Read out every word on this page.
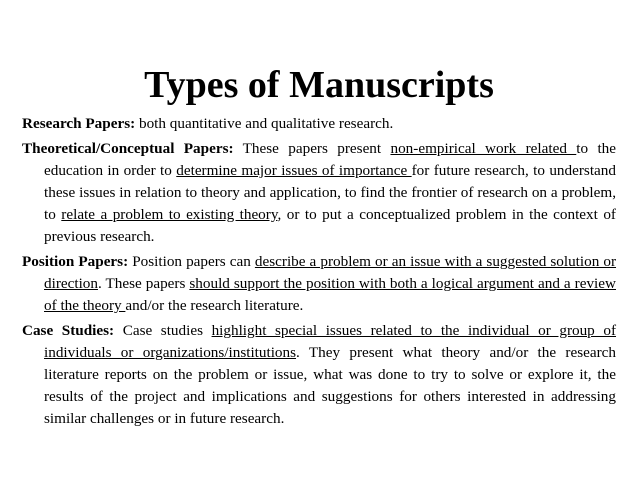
Types of Manuscripts

Research Papers: both quantitative and qualitative research.

Theoretical/Conceptual Papers: These papers present non-empirical work related to the education in order to determine major issues of importance for future research, to understand these issues in relation to theory and application, to find the frontier of research on a problem, to relate a problem to existing theory, or to put a conceptualized problem in the context of previous research.

Position Papers: Position papers can describe a problem or an issue with a suggested solution or direction. These papers should support the position with both a logical argument and a review of the theory and/or the research literature.

Case Studies: Case studies highlight special issues related to the individual or group of individuals or organizations/institutions. They present what theory and/or the research literature reports on the problem or issue, what was done to try to solve or explore it, the results of the project and implications and suggestions for others interested in addressing similar challenges or in future research.
